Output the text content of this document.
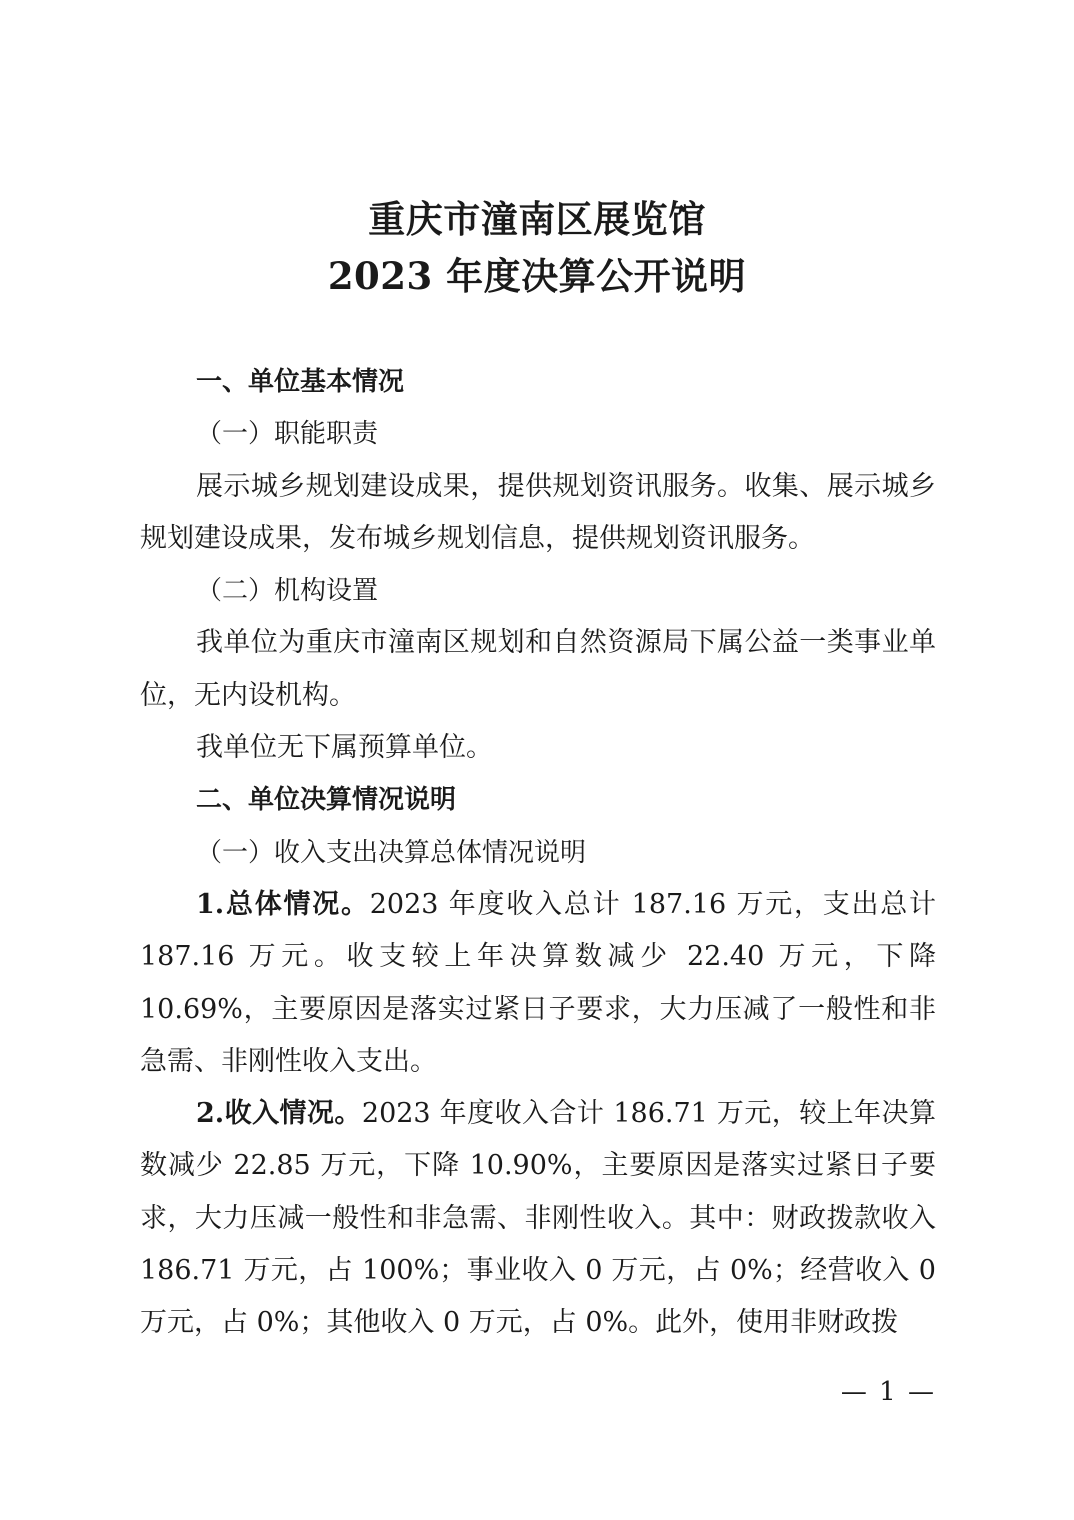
重庆市潼南区展览馆
2023 年度决算公开说明

一、单位基本情况

（一）职能职责

展示城乡规划建设成果，提供规划资讯服务。收集、展示城乡规划建设成果，发布城乡规划信息，提供规划资讯服务。

（二）机构设置

我单位为重庆市潼南区规划和自然资源局下属公益一类事业单位，无内设机构。

我单位无下属预算单位。

二、单位决算情况说明

（一）收入支出决算总体情况说明

1.总体情况。2023 年度收入总计 187.16 万元，支出总计 187.16 万元。收支较上年决算数减少 22.40 万元，下降 10.69%，主要原因是落实过紧日子要求，大力压减了一般性和非急需、非刚性收入支出。

2.收入情况。2023 年度收入合计 186.71 万元，较上年决算数减少 22.85 万元，下降 10.90%，主要原因是落实过紧日子要求，大力压减一般性和非急需、非刚性收入。其中：财政拨款收入 186.71 万元，占 100%；事业收入 0 万元，占 0%；经营收入 0 万元，占 0%；其他收入 0 万元，占 0%。此外，使用非财政拨

— 1 —
